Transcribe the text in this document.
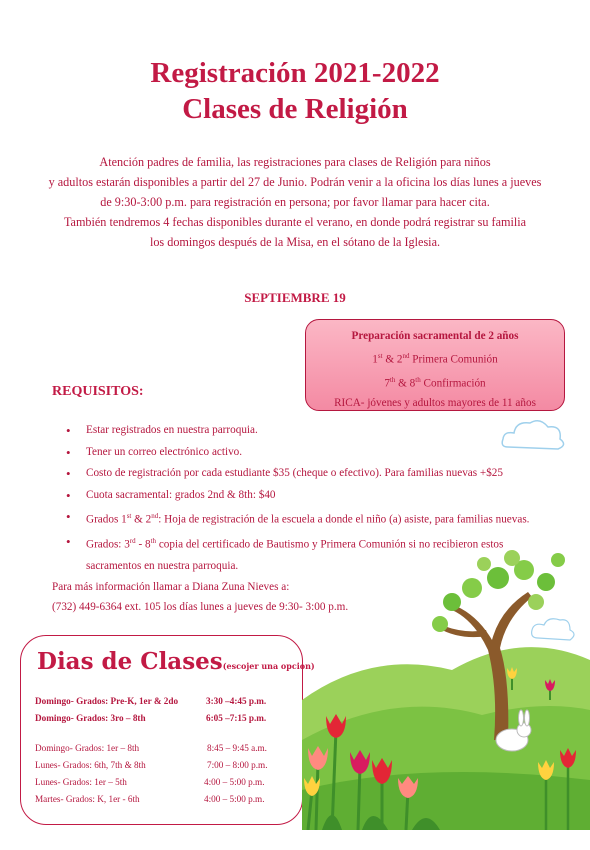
Registración 2021-2022
Clases de Religión
Atención padres de familia, las registraciones para clases de Religión para niños
y adultos estarán disponibles a partir del 27 de Junio. Podrán venir a la oficina los días lunes a jueves
de 9:30-3:00 p.m. para registración en persona; por favor llamar para hacer cita.
También tendremos 4 fechas disponibles durante el verano, en donde podrá registrar su familia
los domingos después de la Misa, en el sótano de la Iglesia.
SEPTIEMBRE 19
Preparación sacramental de 2 años
1st & 2nd Primera Comunión
7th & 8th Confirmación
RICA- jóvenes y adultos mayores de 11 años
REQUISITOS:
• Estar registrados en nuestra parroquia.
• Tener un correo electrónico activo.
• Costo de registración por cada estudiante $35 (cheque o efectivo). Para familias nuevas +$25
• Cuota sacramental: grados 2nd & 8th: $40
• Grados 1st & 2nd: Hoja de registración de la escuela a donde el niño (a) asiste, para familias nuevas.
• Grados: 3rd - 8th copia del certificado de Bautismo y Primera Comunión si no recibieron estos
sacramentos en nuestra parroquia.
Para más información llamar a Diana Zuna Nieves a:
(732) 449-6364 ext. 105 los días lunes a jueves de 9:30- 3:00 p.m.
Dias de Clases(escojer una opcion)
Domingo- Grados: Pre-K, 1er & 2do	3:30 –4:45 p.m.
Domingo- Grados: 3ro – 8th	6:05 –7:15 p.m.
Domingo- Grados: 1er – 8th	8:45 – 9:45 a.m.
Lunes- Grados: 6th, 7th & 8th	7:00 – 8:00 p.m.
Lunes- Grados: 1er – 5th	4:00 – 5:00 p.m.
Martes- Grados: K, 1er - 6th	4:00 – 5:00 p.m.
